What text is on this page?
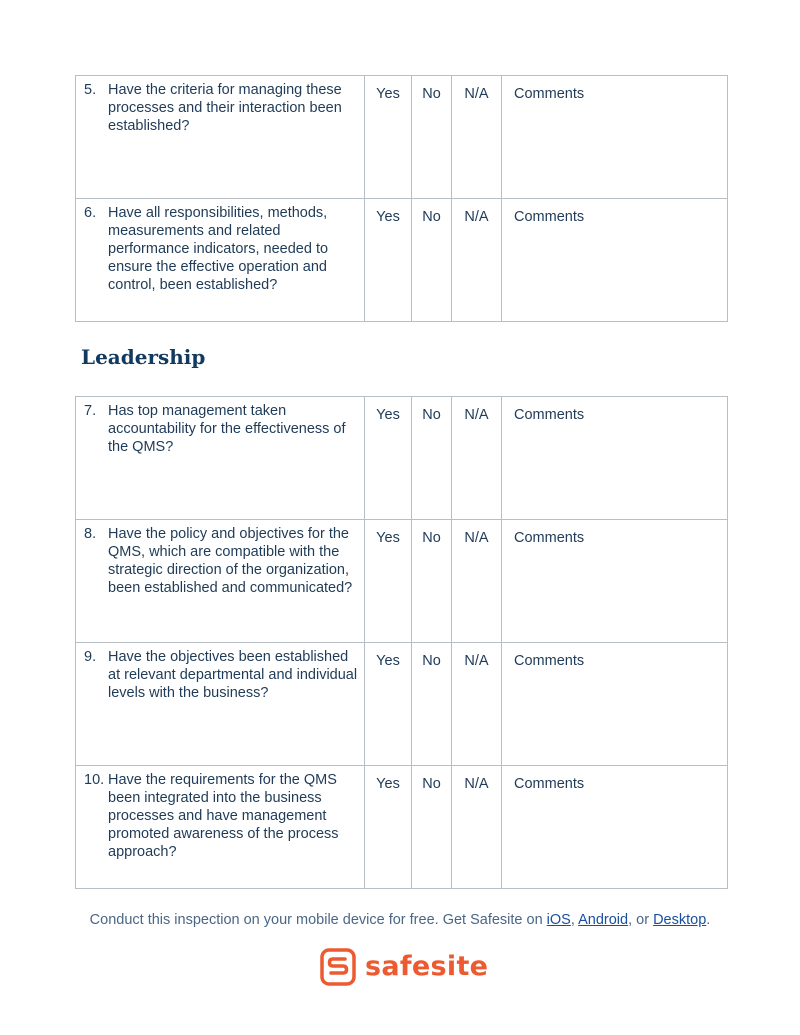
5. Have the criteria for managing these processes and their interaction been established?	Yes	No	N/A	Comments

6. Have all responsibilities, methods, measurements and related performance indicators, needed to ensure the effective operation and control, been established?	Yes	No	N/A	Comments
Leadership
7. Has top management taken accountability for the effectiveness of the QMS?	Yes	No	N/A	Comments

8. Have the policy and objectives for the QMS, which are compatible with the strategic direction of the organization, been established and communicated?	Yes	No	N/A	Comments

9. Have the objectives been established at relevant departmental and individual levels with the business?	Yes	No	N/A	Comments

10. Have the requirements for the QMS been integrated into the business processes and have management promoted awareness of the process approach?	Yes	No	N/A	Comments
Conduct this inspection on your mobile device for free. Get Safesite on iOS, Android, or Desktop.
safesite
